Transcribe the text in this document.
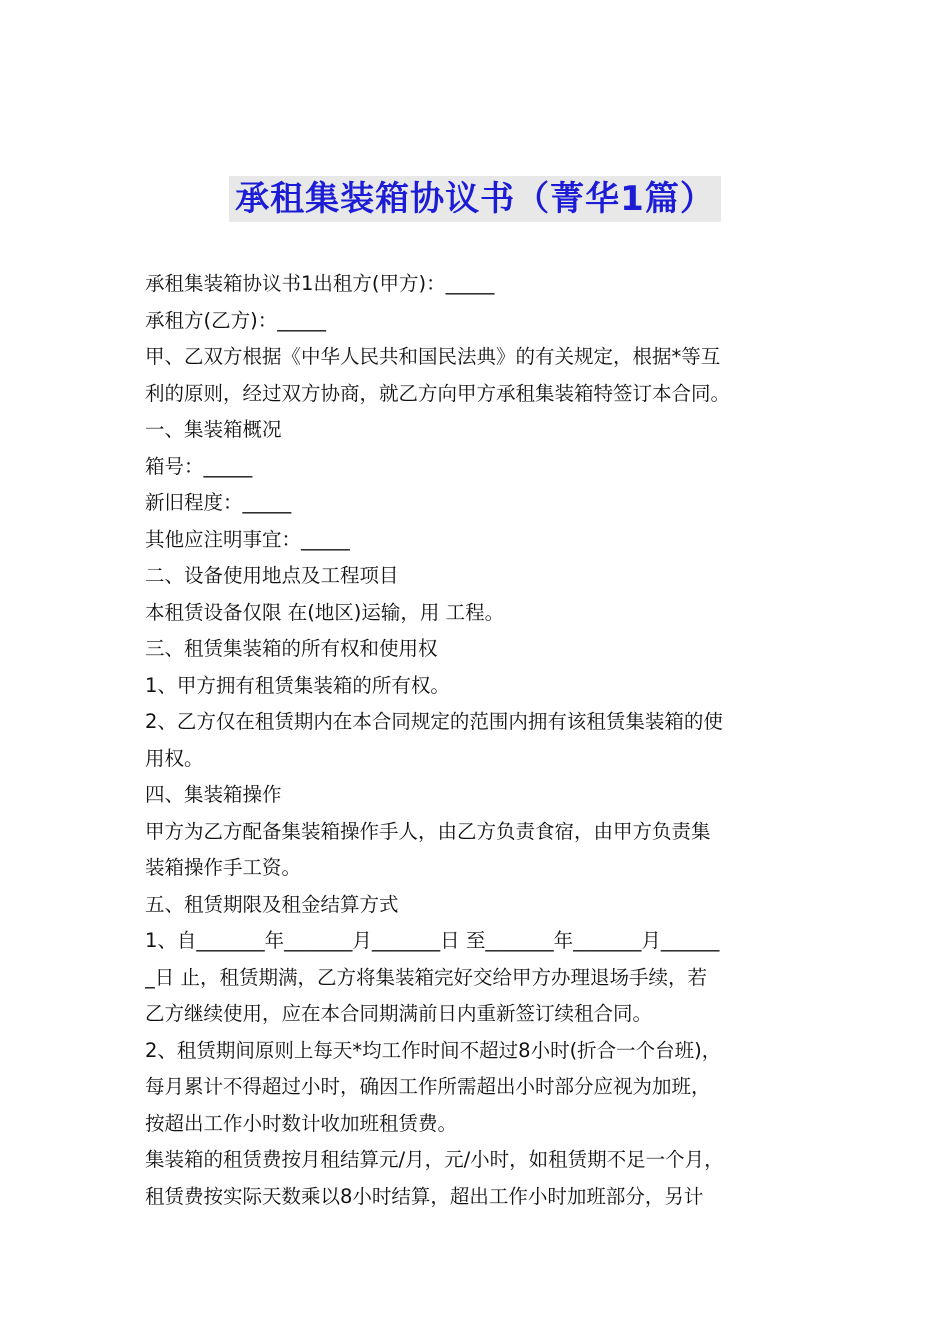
承租集装箱协议书（菁华1篇）
承租集装箱协议书1出租方(甲方)：_____
承租方(乙方)：_____
甲、乙双方根据《中华人民共和国民法典》的有关规定，根据*等互
利的原则，经过双方协商，就乙方向甲方承租集装箱特签订本合同。
一、集装箱概况
箱号：_____
新旧程度：_____
其他应注明事宜：_____
二、设备使用地点及工程项目
本租赁设备仅限 在(地区)运输，用 工程。
三、租赁集装箱的所有权和使用权
1、甲方拥有租赁集装箱的所有权。
2、乙方仅在租赁期内在本合同规定的范围内拥有该租赁集装箱的使
用权。
四、集装箱操作
甲方为乙方配备集装箱操作手人，由乙方负责食宿，由甲方负责集
装箱操作手工资。
五、租赁期限及租金结算方式
1、自_______年_______月_______日 至_______年_______月______
_日 止，租赁期满，乙方将集装箱完好交给甲方办理退场手续，若
乙方继续使用，应在本合同期满前日内重新签订续租合同。
2、租赁期间原则上每天*均工作时间不超过8小时(折合一个台班)，
每月累计不得超过小时，确因工作所需超出小时部分应视为加班，
按超出工作小时数计收加班租赁费。
集装箱的租赁费按月租结算元/月，元/小时，如租赁期不足一个月，
租赁费按实际天数乘以8小时结算，超出工作小时加班部分，另计
